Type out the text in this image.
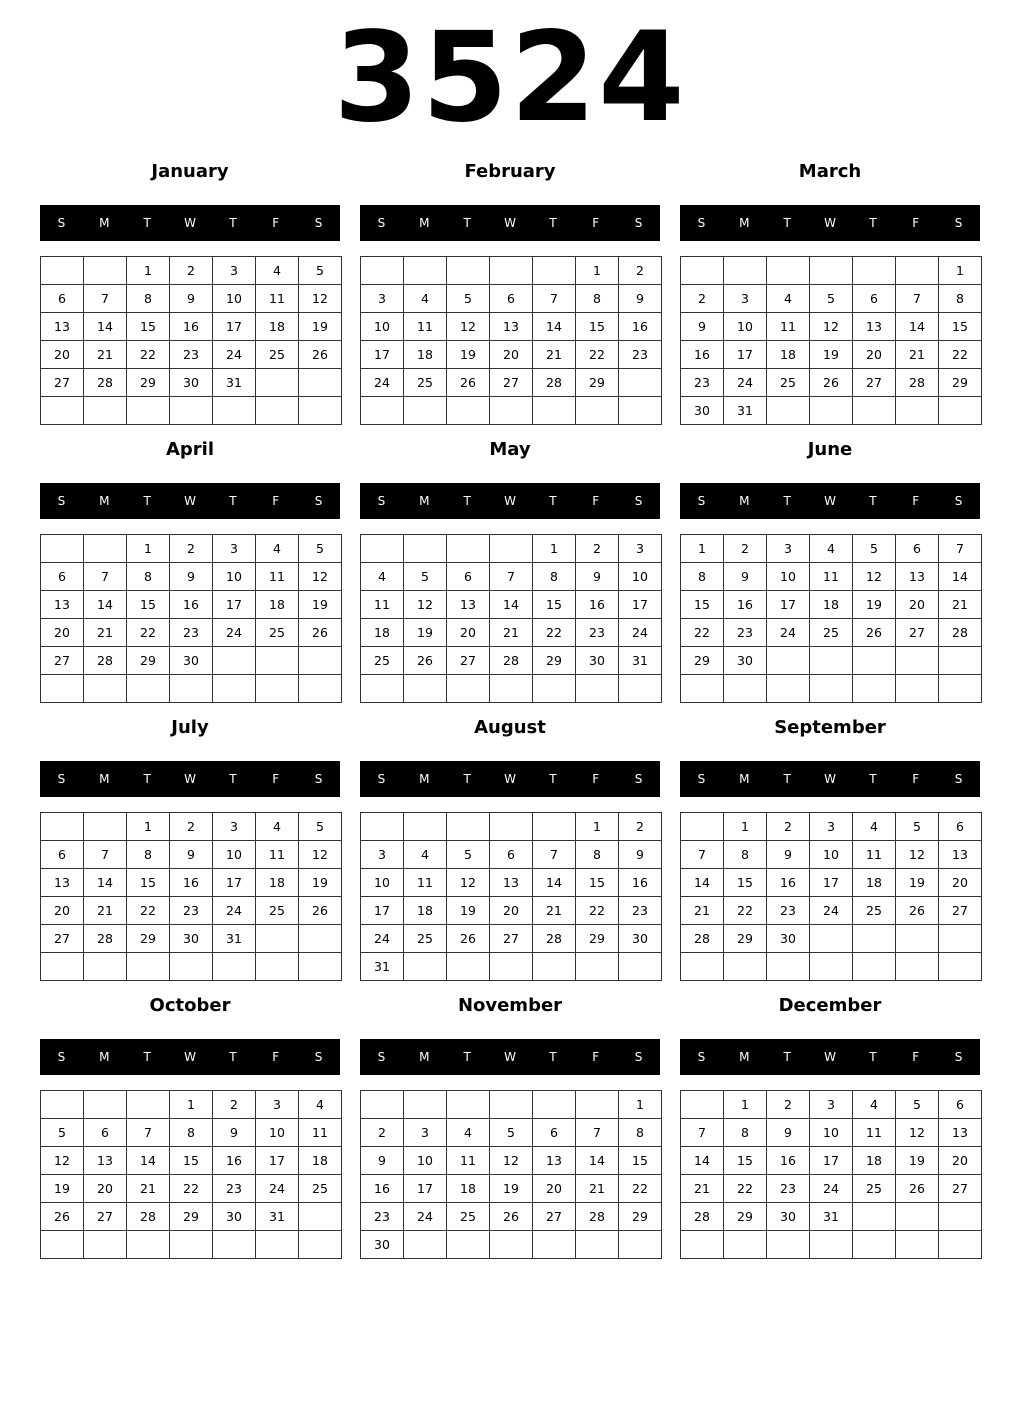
3524
January
S	M	T	W	T	F	S
		1	2	3	4	5
6	7	8	9	10	11	12
13	14	15	16	17	18	19
20	21	22	23	24	25	26
27	28	29	30	31		

February
S	M	T	W	T	F	S
					1	2
3	4	5	6	7	8	9
10	11	12	13	14	15	16
17	18	19	20	21	22	23
24	25	26	27	28	29	

March
S	M	T	W	T	F	S
						1
2	3	4	5	6	7	8
9	10	11	12	13	14	15
16	17	18	19	20	21	22
23	24	25	26	27	28	29
30	31					
April
S	M	T	W	T	F	S
		1	2	3	4	5
6	7	8	9	10	11	12
13	14	15	16	17	18	19
20	21	22	23	24	25	26
27	28	29	30			

May
S	M	T	W	T	F	S
				1	2	3
4	5	6	7	8	9	10
11	12	13	14	15	16	17
18	19	20	21	22	23	24
25	26	27	28	29	30	31

June
S	M	T	W	T	F	S
1	2	3	4	5	6	7
8	9	10	11	12	13	14
15	16	17	18	19	20	21
22	23	24	25	26	27	28
29	30					

July
S	M	T	W	T	F	S
		1	2	3	4	5
6	7	8	9	10	11	12
13	14	15	16	17	18	19
20	21	22	23	24	25	26
27	28	29	30	31		

August
S	M	T	W	T	F	S
					1	2
3	4	5	6	7	8	9
10	11	12	13	14	15	16
17	18	19	20	21	22	23
24	25	26	27	28	29	30
31						
September
S	M	T	W	T	F	S
	1	2	3	4	5	6
7	8	9	10	11	12	13
14	15	16	17	18	19	20
21	22	23	24	25	26	27
28	29	30				

October
S	M	T	W	T	F	S
			1	2	3	4
5	6	7	8	9	10	11
12	13	14	15	16	17	18
19	20	21	22	23	24	25
26	27	28	29	30	31	

November
S	M	T	W	T	F	S
						1
2	3	4	5	6	7	8
9	10	11	12	13	14	15
16	17	18	19	20	21	22
23	24	25	26	27	28	29
30						
December
S	M	T	W	T	F	S
	1	2	3	4	5	6
7	8	9	10	11	12	13
14	15	16	17	18	19	20
21	22	23	24	25	26	27
28	29	30	31			
